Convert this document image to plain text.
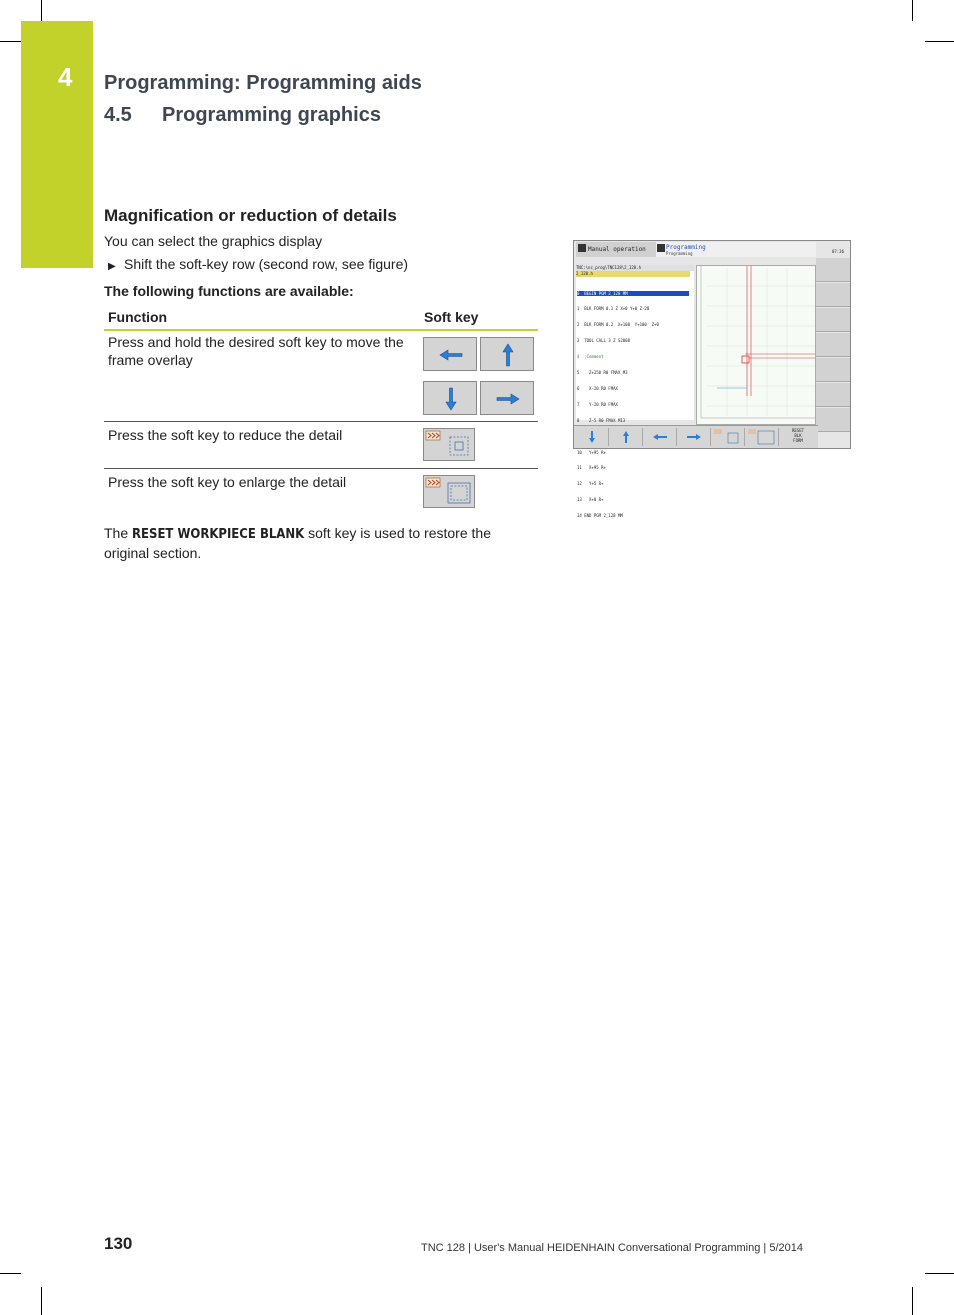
4 Programming: Programming aids
4.5 Programming graphics
Magnification or reduction of details
You can select the graphics display
▶ Shift the soft-key row (second row, see figure)
The following functions are available:
Function	Soft key
Press and hold the desired soft key to move the frame overlay
Press the soft key to reduce the detail
Press the soft key to enlarge the detail
The RESET WORKPIECE BLANK soft key is used to restore the
original section.
Manual operation	Programming
Programming	07:36
TNC:\nc_prog\TNC128\2_128.h
2_128.h

0  BEGIN PGM 2_128 MM

1  BLK FORM 0.1 Z X+0 Y+0 Z-20

2  BLK FORM 0.2  X+100  Y+100  Z+0

3  TOOL CALL 3 Z S2000

4  ;Comment

5    Z+250 R0 FMAX M3

6    X-20 R0 FMAX

7    Y-20 R0 FMAX

8    Z-5 R0 FMAX M13

10   Y+95 R+

11   X+95 R+

12   Y+5 R+

13   X+0 R+

14 END PGM 2_128 MM

RESET
BLK
FORM
130	TNC 128 | User's Manual HEIDENHAIN Conversational Programming | 5/2014
